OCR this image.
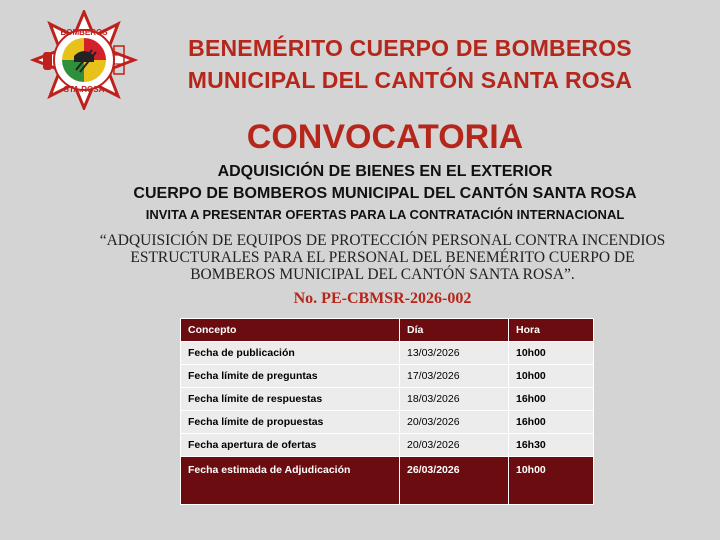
BOMBEROS
STA.ROSA
BENEMÉRITO CUERPO DE BOMBEROS
MUNICIPAL DEL CANTÓN SANTA ROSA
CONVOCATORIA
ADQUISICIÓN DE BIENES EN EL EXTERIOR
CUERPO DE BOMBEROS MUNICIPAL DEL CANTÓN SANTA ROSA
INVITA A PRESENTAR OFERTAS PARA LA CONTRATACIÓN INTERNACIONAL
“ADQUISICIÓN DE EQUIPOS DE PROTECCIÓN PERSONAL CONTRA INCENDIOS ESTRUCTURALES PARA EL PERSONAL DEL BENEMÉRITO CUERPO DE BOMBEROS MUNICIPAL DEL CANTÓN SANTA ROSA”.
No. PE-CBMSR-2026-002
Concepto	Día	Hora
Fecha de publicación	13/03/2026	10h00
Fecha límite de preguntas	17/03/2026	10h00
Fecha límite de respuestas	18/03/2026	16h00
Fecha límite de propuestas	20/03/2026	16h00
Fecha apertura de ofertas	20/03/2026	16h30
Fecha estimada de Adjudicación	26/03/2026	10h00
